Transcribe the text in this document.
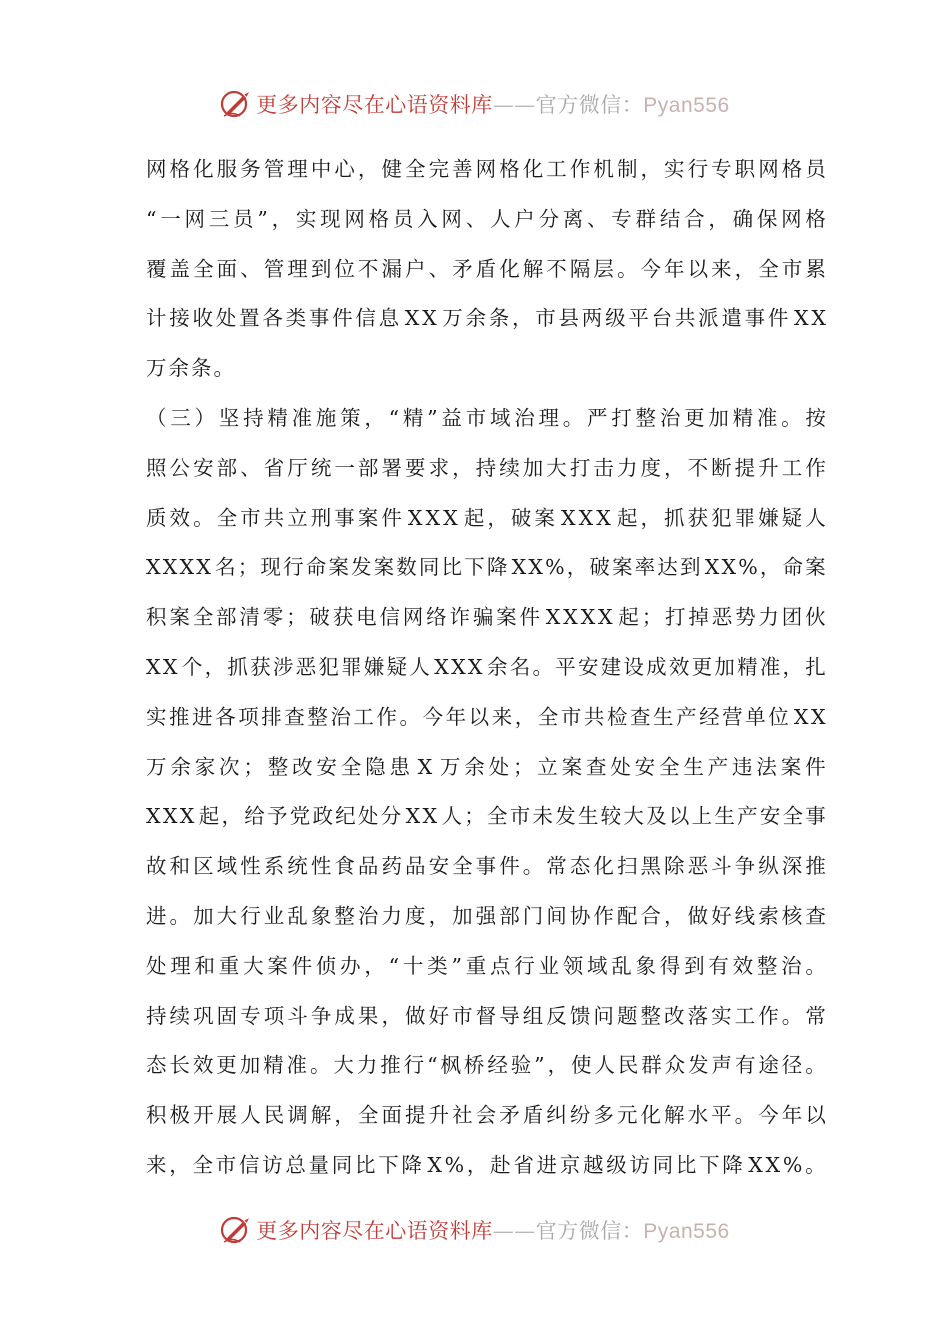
更多内容尽在心语资料库——官方微信：Pyan556
网 格 化 服 务 管 理 中 心 ， 健 全 完 善 网 格 化 工 作 机 制 ， 实 行 专 职 网 格 员
“ 一 网 三 员 ” ， 实 现 网 格 员 入 网 、 人 户 分 离 、 专 群 结 合 ， 确 保 网 格
覆 盖 全 面 、 管 理 到 位 不 漏 户 、 矛 盾 化 解 不 隔 层 。 今 年 以 来 ， 全 市 累
计 接 收 处 置 各 类 事 件 信 息 X X 万 余 条 ， 市 县 两 级 平 台 共 派 遣 事 件 X X
万余条。
（ 三 ） 坚 持 精 准 施 策 ， “ 精 ” 益 市 域 治 理 。 严 打 整 治 更 加 精 准 。 按
照 公 安 部 、 省 厅 统 一 部 署 要 求 ， 持 续 加 大 打 击 力 度 ， 不 断 提 升 工 作
质 效 。 全 市 共 立 刑 事 案 件 X X X 起 ， 破 案 X X X 起 ， 抓 获 犯 罪 嫌 疑 人
X X X X 名 ； 现 行 命 案 发 案 数 同 比 下 降 X X % ， 破 案 率 达 到 X X % ， 命 案
积 案 全 部 清 零 ； 破 获 电 信 网 络 诈 骗 案 件 X X X X 起 ； 打 掉 恶 势 力 团 伙
X X 个 ， 抓 获 涉 恶 犯 罪 嫌 疑 人 X X X 余 名 。 平 安 建 设 成 效 更 加 精 准 ， 扎
实 推 进 各 项 排 查 整 治 工 作 。 今 年 以 来 ， 全 市 共 检 查 生 产 经 营 单 位 X X
万 余 家 次 ； 整 改 安 全 隐 患 X 万 余 处 ； 立 案 查 处 安 全 生 产 违 法 案 件
X X X 起 ， 给 予 党 政 纪 处 分 X X 人 ； 全 市 未 发 生 较 大 及 以 上 生 产 安 全 事
故 和 区 域 性 系 统 性 食 品 药 品 安 全 事 件 。 常 态 化 扫 黑 除 恶 斗 争 纵 深 推
进 。 加 大 行 业 乱 象 整 治 力 度 ， 加 强 部 门 间 协 作 配 合 ， 做 好 线 索 核 查
处 理 和 重 大 案 件 侦 办 ， “ 十 类 ” 重 点 行 业 领 域 乱 象 得 到 有 效 整 治 。
持 续 巩 固 专 项 斗 争 成 果 ， 做 好 市 督 导 组 反 馈 问 题 整 改 落 实 工 作 。 常
态 长 效 更 加 精 准 。 大 力 推 行 “ 枫 桥 经 验 ” ， 使 人 民 群 众 发 声 有 途 径 。
积 极 开 展 人 民 调 解 ， 全 面 提 升 社 会 矛 盾 纠 纷 多 元 化 解 水 平 。 今 年 以
来 ， 全 市 信 访 总 量 同 比 下 降 X % ， 赴 省 进 京 越 级 访 同 比 下 降 X X % 。
更多内容尽在心语资料库——官方微信：Pyan556
